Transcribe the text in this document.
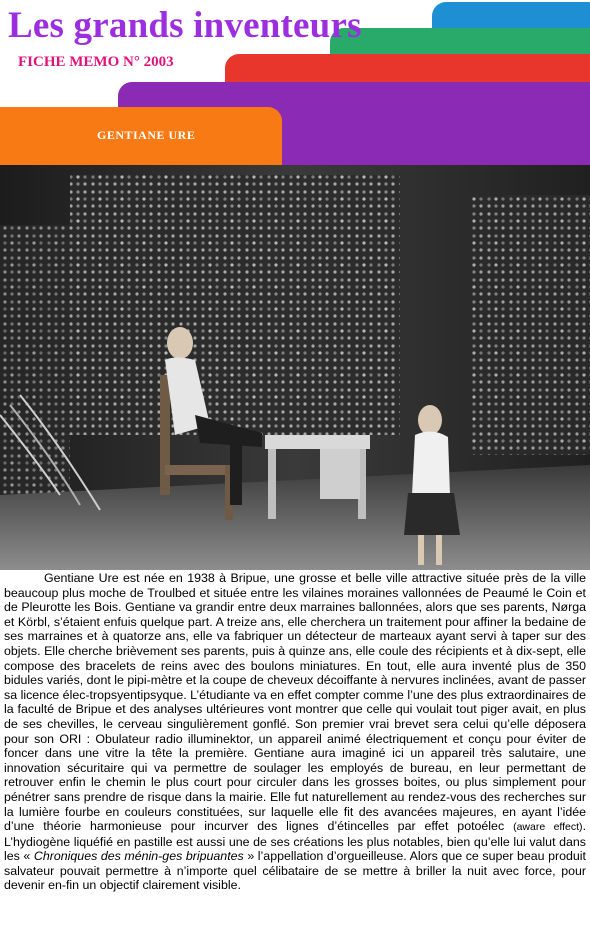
Les grands inventeurs
FICHE MEMO N° 2003
GENTIANE URE

Gentiane Ure est née en 1938 à Bripue, une grosse et belle ville attractive située près de la ville beaucoup plus moche de Troulbed et située entre les vilaines moraines vallonnées de Peaumé le Coin et de Pleurotte les Bois. Gentiane va grandir entre deux marraines ballonnées, alors que ses parents, Nørga et Körbl, s’étaient enfuis quelque part. A treize ans, elle cherchera un traitement pour affiner la bedaine de ses marraines et à quatorze ans, elle va fabriquer un détecteur de marteaux ayant servi à taper sur des objets. Elle cherche brièvement ses parents, puis à quinze ans, elle coule des récipients et à dix-sept, elle compose des bracelets de reins avec des boulons miniatures. En tout, elle aura inventé plus de 350 bidules variés, dont le pipi-mètre et la coupe de cheveux décoiffante à nervures inclinées, avant de passer sa licence élec-tropsyentipsyque. L’étudiante va en effet compter comme l’une des plus extraordinaires de la faculté de Bripue et des analyses ultérieures vont montrer que celle qui voulait tout piger avait, en plus de ses chevilles, le cerveau singulièrement gonflé. Son premier vrai brevet sera celui qu’elle déposera pour son ORI : Obulateur radio illuminektor, un appareil animé électriquement et conçu pour éviter de foncer dans une vitre la tête la première. Gentiane aura imaginé ici un appareil très salutaire, une innovation sécuritaire qui va permettre de soulager les employés de bureau, en leur permettant de retrouver enfin le chemin le plus court pour circuler dans les grosses boites, ou plus simplement pour pénétrer sans prendre de risque dans la mairie. Elle fut naturellement au rendez-vous des recherches sur la lumière fourbe en couleurs constituées, sur laquelle elle fit des avancées majeures, en ayant l’idée d’une théorie harmonieuse pour incurver des lignes d’étincelles par effet potoélec (aware effect). L’hydiogène liquéfié en pastille est aussi une de ses créations les plus notables, bien qu’elle lui valut dans les « Chroniques des ménin-ges bripuantes » l’appellation d’orgueilleuse. Alors que ce super beau produit salvateur pouvait permettre à n’importe quel célibataire de se mettre à briller la nuit avec force, pour devenir en-fin un objectif clairement visible.
